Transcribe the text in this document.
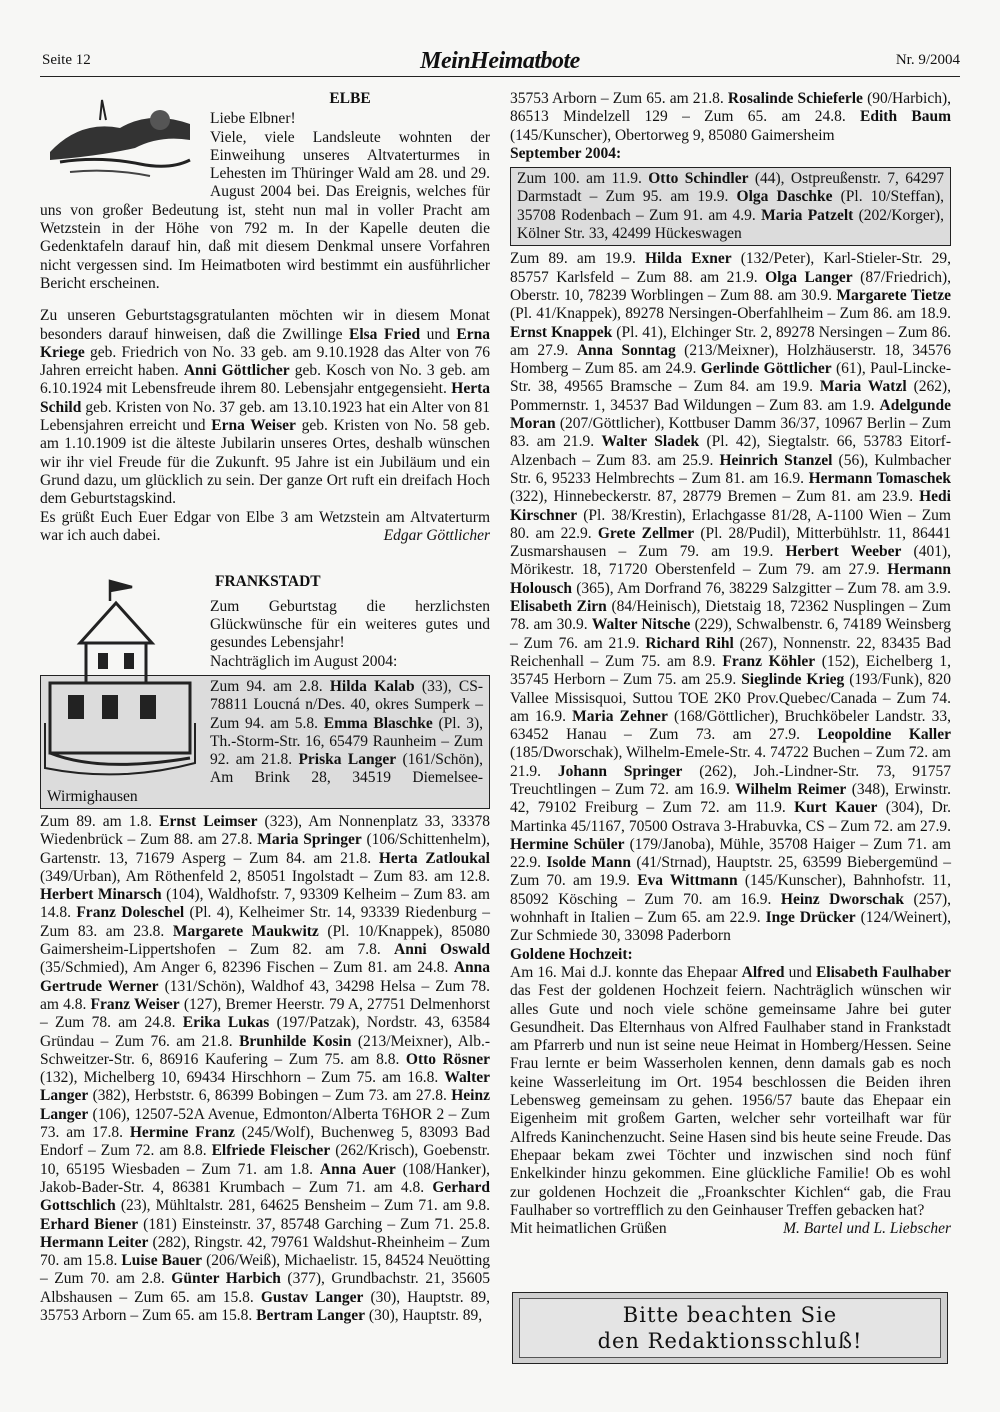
Seite 12	MeinHeimatbote	Nr. 9/2004
ELBE

Liebe Elbner!

Viele, viele Landsleute wohnten der Einweihung unseres Altvaterturmes in Lehesten im Thüringer Wald am 28. und 29. August 2004 bei. Das Ereignis, welches für uns von großer Bedeutung ist, steht nun mal in voller Pracht am Wetzstein in der Höhe von 792 m. In der Kapelle deuten die Gedenktafeln darauf hin, daß mit diesem Denkmal unsere Vorfahren nicht vergessen sind. Im Heimatboten wird bestimmt ein ausführlicher Bericht erscheinen.

Zu unseren Geburtstagsgratulanten möchten wir in diesem Monat besonders darauf hinweisen, daß die Zwillinge Elsa Fried und Erna Kriege geb. Friedrich von No. 33 geb. am 9.10.1928 das Alter von 76 Jahren erreicht haben. Anni Göttlicher geb. Kosch von No. 3 geb. am 6.10.1924 mit Lebensfreude ihrem 80. Lebensjahr entgegensieht. Herta Schild geb. Kristen von No. 37 geb. am 13.10.1923 hat ein Alter von 81 Lebensjahren erreicht und Erna Weiser geb. Kristen von No. 58 geb. am 1.10.1909 ist die älteste Jubilarin unseres Ortes, deshalb wünschen wir ihr viel Freude für die Zukunft. 95 Jahre ist ein Jubiläum und ein Grund dazu, um glücklich zu sein. Der ganze Ort ruft ein dreifach Hoch dem Geburtstagskind.

Es grüßt Euch Euer Edgar von Elbe 3 am Wetzstein am Altvaterturm war ich auch dabei.	Edgar Göttlicher

FRANKSTADT

Zum Geburtstag die herzlichsten Glückwünsche für ein weiteres gutes und gesundes Lebensjahr!

Nachträglich im August 2004:

Zum 94. am 2.8. Hilda Kalab (33), CS-78811 Loucná n/Des. 40, okres Sumperk – Zum 94. am 5.8. Emma Blaschke (Pl. 3), Th.-Storm-Str. 16, 65479 Raunheim – Zum 92. am 21.8. Priska Langer (161/Schön), Am Brink 28, 34519 Diemelsee-Wirmighausen

Zum 89. am 1.8. Ernst Leimser (323), Am Nonnenplatz 33, 33378 Wiedenbrück – Zum 88. am 27.8. Maria Springer (106/Schittenhelm), Gartenstr. 13, 71679 Asperg – Zum 84. am 21.8. Herta Zatloukal (349/Urban), Am Röthenfeld 2, 85051 Ingolstadt – Zum 83. am 12.8. Herbert Minarsch (104), Waldhofstr. 7, 93309 Kelheim – Zum 83. am 14.8. Franz Doleschel (Pl. 4), Kelheimer Str. 14, 93339 Riedenburg – Zum 83. am 23.8. Margarete Maukwitz (Pl. 10/Knappek), 85080 Gaimersheim-Lippertshofen – Zum 82. am 7.8. Anni Oswald (35/Schmied), Am Anger 6, 82396 Fischen – Zum 81. am 24.8. Anna Gertrude Werner (131/Schön), Waldhof 43, 34298 Helsa – Zum 78. am 4.8. Franz Weiser (127), Bremer Heerstr. 79 A, 27751 Delmenhorst – Zum 78. am 24.8. Erika Lukas (197/Patzak), Nordstr. 43, 63584 Gründau – Zum 76. am 21.8. Brunhilde Kosin (213/Meixner), Alb.-Schweitzer-Str. 6, 86916 Kaufering – Zum 75. am 8.8. Otto Rösner (132), Michelberg 10, 69434 Hirschhorn – Zum 75. am 16.8. Walter Langer (382), Herbststr. 6, 86399 Bobingen – Zum 73. am 27.8. Heinz Langer (106), 12507-52A Avenue, Edmonton/Alberta T6HOR 2 – Zum 73. am 17.8. Hermine Franz (245/Wolf), Buchenweg 5, 83093 Bad Endorf – Zum 72. am 8.8. Elfriede Fleischer (262/Krisch), Goebenstr. 10, 65195 Wiesbaden – Zum 71. am 1.8. Anna Auer (108/Hanker), Jakob-Bader-Str. 4, 86381 Krumbach – Zum 71. am 4.8. Gerhard Gottschlich (23), Mühltalstr. 281, 64625 Bensheim – Zum 71. am 9.8. Erhard Biener (181) Einsteinstr. 37, 85748 Garching – Zum 71. 25.8. Hermann Leiter (282), Ringstr. 42, 79761 Waldshut-Rheinheim – Zum 70. am 15.8. Luise Bauer (206/Weiß), Michaelistr. 15, 84524 Neuötting – Zum 70. am 2.8. Günter Harbich (377), Grundbachstr. 21, 35605 Albshausen – Zum 65. am 15.8. Gustav Langer (30), Hauptstr. 89, 35753 Arborn – Zum 65. am 15.8. Bertram Langer (30), Hauptstr. 89,

35753 Arborn – Zum 65. am 21.8. Rosalinde Schieferle (90/Harbich), 86513 Mindelzell 129 – Zum 65. am 24.8. Edith Baum (145/Kunscher), Obertorweg 9, 85080 Gaimersheim

September 2004:

Zum 100. am 11.9. Otto Schindler (44), Ostpreußenstr. 7, 64297 Darmstadt – Zum 95. am 19.9. Olga Daschke (Pl. 10/Steffan), 35708 Rodenbach – Zum 91. am 4.9. Maria Patzelt (202/Korger), Kölner Str. 33, 42499 Hückeswagen

Zum 89. am 19.9. Hilda Exner (132/Peter), Karl-Stieler-Str. 29, 85757 Karlsfeld – Zum 88. am 21.9. Olga Langer (87/Friedrich), Oberstr. 10, 78239 Worblingen – Zum 88. am 30.9. Margarete Tietze (Pl. 41/Knappek), 89278 Nersingen-Oberfahlheim – Zum 86. am 18.9. Ernst Knappek (Pl. 41), Elchinger Str. 2, 89278 Nersingen – Zum 86. am 27.9. Anna Sonntag (213/Meixner), Holzhäuserstr. 18, 34576 Homberg – Zum 85. am 24.9. Gerlinde Göttlicher (61), Paul-Lincke-Str. 38, 49565 Bramsche – Zum 84. am 19.9. Maria Watzl (262), Pommernstr. 1, 34537 Bad Wildungen – Zum 83. am 1.9. Adelgunde Moran (207/Göttlicher), Kottbuser Damm 36/37, 10967 Berlin – Zum 83. am 21.9. Walter Sladek (Pl. 42), Siegtalstr. 66, 53783 Eitorf-Alzenbach – Zum 83. am 25.9. Heinrich Stanzel (56), Kulmbacher Str. 6, 95233 Helmbrechts – Zum 81. am 16.9. Hermann Tomaschek (322), Hinnebeckerstr. 87, 28779 Bremen – Zum 81. am 23.9. Hedi Kirschner (Pl. 38/Krestin), Erlachgasse 81/28, A-1100 Wien – Zum 80. am 22.9. Grete Zellmer (Pl. 28/Pudil), Mitterbühlstr. 11, 86441 Zusmarshausen – Zum 79. am 19.9. Herbert Weeber (401), Mörikestr. 18, 71720 Oberstenfeld – Zum 79. am 27.9. Hermann Holousch (365), Am Dorfrand 76, 38229 Salzgitter – Zum 78. am 3.9. Elisabeth Zirn (84/Heinisch), Dietstaig 18, 72362 Nusplingen – Zum 78. am 30.9. Walter Nitsche (229), Schwalbenstr. 6, 74189 Weinsberg – Zum 76. am 21.9. Richard Rihl (267), Nonnenstr. 22, 83435 Bad Reichenhall – Zum 75. am 8.9. Franz Köhler (152), Eichelberg 1, 35745 Herborn – Zum 75. am 25.9. Sieglinde Krieg (193/Funk), 820 Vallee Missisquoi, Suttou TOE 2K0 Prov.Quebec/Canada – Zum 74. am 16.9. Maria Zehner (168/Göttlicher), Bruchköbeler Landstr. 33, 63452 Hanau – Zum 73. am 27.9. Leopoldine Kaller (185/Dworschak), Wilhelm-Emele-Str. 4. 74722 Buchen – Zum 72. am 21.9. Johann Springer (262), Joh.-Lindner-Str. 73, 91757 Treuchtlingen – Zum 72. am 16.9. Wilhelm Reimer (348), Erwinstr. 42, 79102 Freiburg – Zum 72. am 11.9. Kurt Kauer (304), Dr. Martinka 45/1167, 70500 Ostrava 3-Hrabuvka, CS – Zum 72. am 27.9. Hermine Schüler (179/Janoba), Mühle, 35708 Haiger – Zum 71. am 22.9. Isolde Mann (41/Strnad), Hauptstr. 25, 63599 Biebergemünd – Zum 70. am 19.9. Eva Wittmann (145/Kunscher), Bahnhofstr. 11, 85092 Kösching – Zum 70. am 16.9. Heinz Dworschak (257), wohnhaft in Italien – Zum 65. am 22.9. Inge Drücker (124/Weinert), Zur Schmiede 30, 33098 Paderborn

Goldene Hochzeit:

Am 16. Mai d.J. konnte das Ehepaar Alfred und Elisabeth Faulhaber das Fest der goldenen Hochzeit feiern. Nachträglich wünschen wir alles Gute und noch viele schöne gemeinsame Jahre bei guter Gesundheit. Das Elternhaus von Alfred Faulhaber stand in Frankstadt am Pfarrerb und nun ist seine neue Heimat in Homberg/Hessen. Seine Frau lernte er beim Wasserholen kennen, denn damals gab es noch keine Wasserleitung im Ort. 1954 beschlossen die Beiden ihren Lebensweg gemeinsam zu gehen. 1956/57 baute das Ehepaar ein Eigenheim mit großem Garten, welcher sehr vorteilhaft war für Alfreds Kaninchenzucht. Seine Hasen sind bis heute seine Freude. Das Ehepaar bekam zwei Töchter und inzwischen sind noch fünf Enkelkinder hinzu gekommen. Eine glückliche Familie! Ob es wohl zur goldenen Hochzeit die „Froankschter Kichlen“ gab, die Frau Faulhaber so vortrefflich zu den Geinhauser Treffen gebacken hat?

Mit heimatlichen Grüßen	M. Bartel und L. Liebscher

Bitte beachten Sie
den Redaktionsschluß!
